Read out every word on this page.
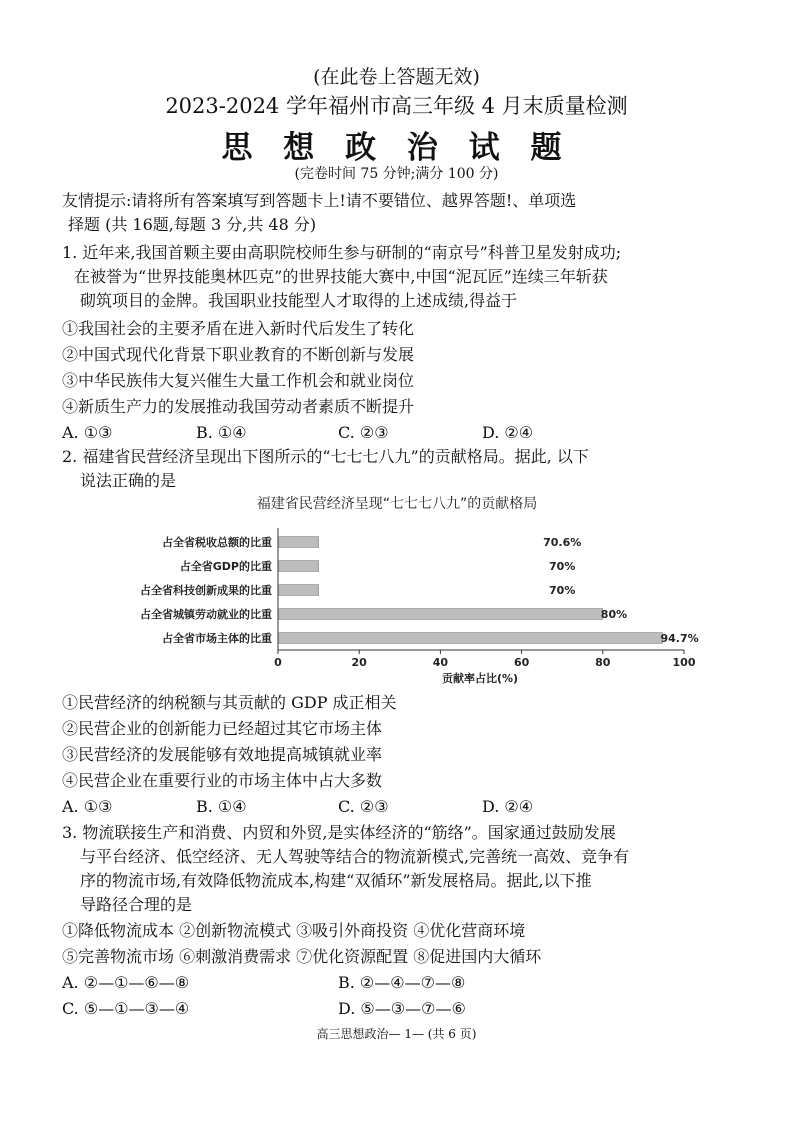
(在此卷上答题无效)
2023-2024 学年福州市高三年级 4 月末质量检测
思 想 政 治 试 题
(完卷时间 75 分钟;满分 100 分)
友情提示:请将所有答案填写到答题卡上!请不要错位、越界答题!、单项选
择题 (共 16题,每题 3 分,共 48 分)
1. 近年来,我国首颗主要由高职院校师生参与研制的“南京号”科普卫星发射成功;
在被誉为“世界技能奥林匹克”的世界技能大赛中,中国“泥瓦匠”连续三年斩获
砌筑项目的金牌。我国职业技能型人才取得的上述成绩,得益于
①我国社会的主要矛盾在进入新时代后发生了转化
②中国式现代化背景下职业教育的不断创新与发展
③中华民族伟大复兴催生大量工作机会和就业岗位
④新质生产力的发展推动我国劳动者素质不断提升
A. ①③	B. ①④	C. ②③	D. ②④
2. 福建省民营经济呈现出下图所示的“七七七八九”的贡献格局。据此, 以下
说法正确的是
福建省民营经济呈现“七七七八九”的贡献格局
占全省税收总额的比重	70.6%
占全省GDP的比重	70%
占全省科技创新成果的比重	70%
占全省城镇劳动就业的比重	80%
占全省市场主体的比重	94.7%
0	20	40	60	80	100
贡献率占比(%)
①民营经济的纳税额与其贡献的 GDP 成正相关
②民营企业的创新能力已经超过其它市场主体
③民营经济的发展能够有效地提高城镇就业率
④民营企业在重要行业的市场主体中占大多数
A. ①③	B. ①④	C. ②③	D. ②④
3. 物流联接生产和消费、内贸和外贸,是实体经济的“筋络”。国家通过鼓励发展
与平台经济、低空经济、无人驾驶等结合的物流新模式,完善统一高效、竞争有
序的物流市场,有效降低物流成本,构建“双循环”新发展格局。据此,以下推
导路径合理的是
①降低物流成本 ②创新物流模式 ③吸引外商投资 ④优化营商环境
⑤完善物流市场 ⑥刺激消费需求 ⑦优化资源配置 ⑧促进国内大循环
A. ②—①—⑥—⑧	B. ②—④—⑦—⑧
C. ⑤—①—③—④	D. ⑤—③—⑦—⑥
高三思想政治— 1— (共 6 页)
